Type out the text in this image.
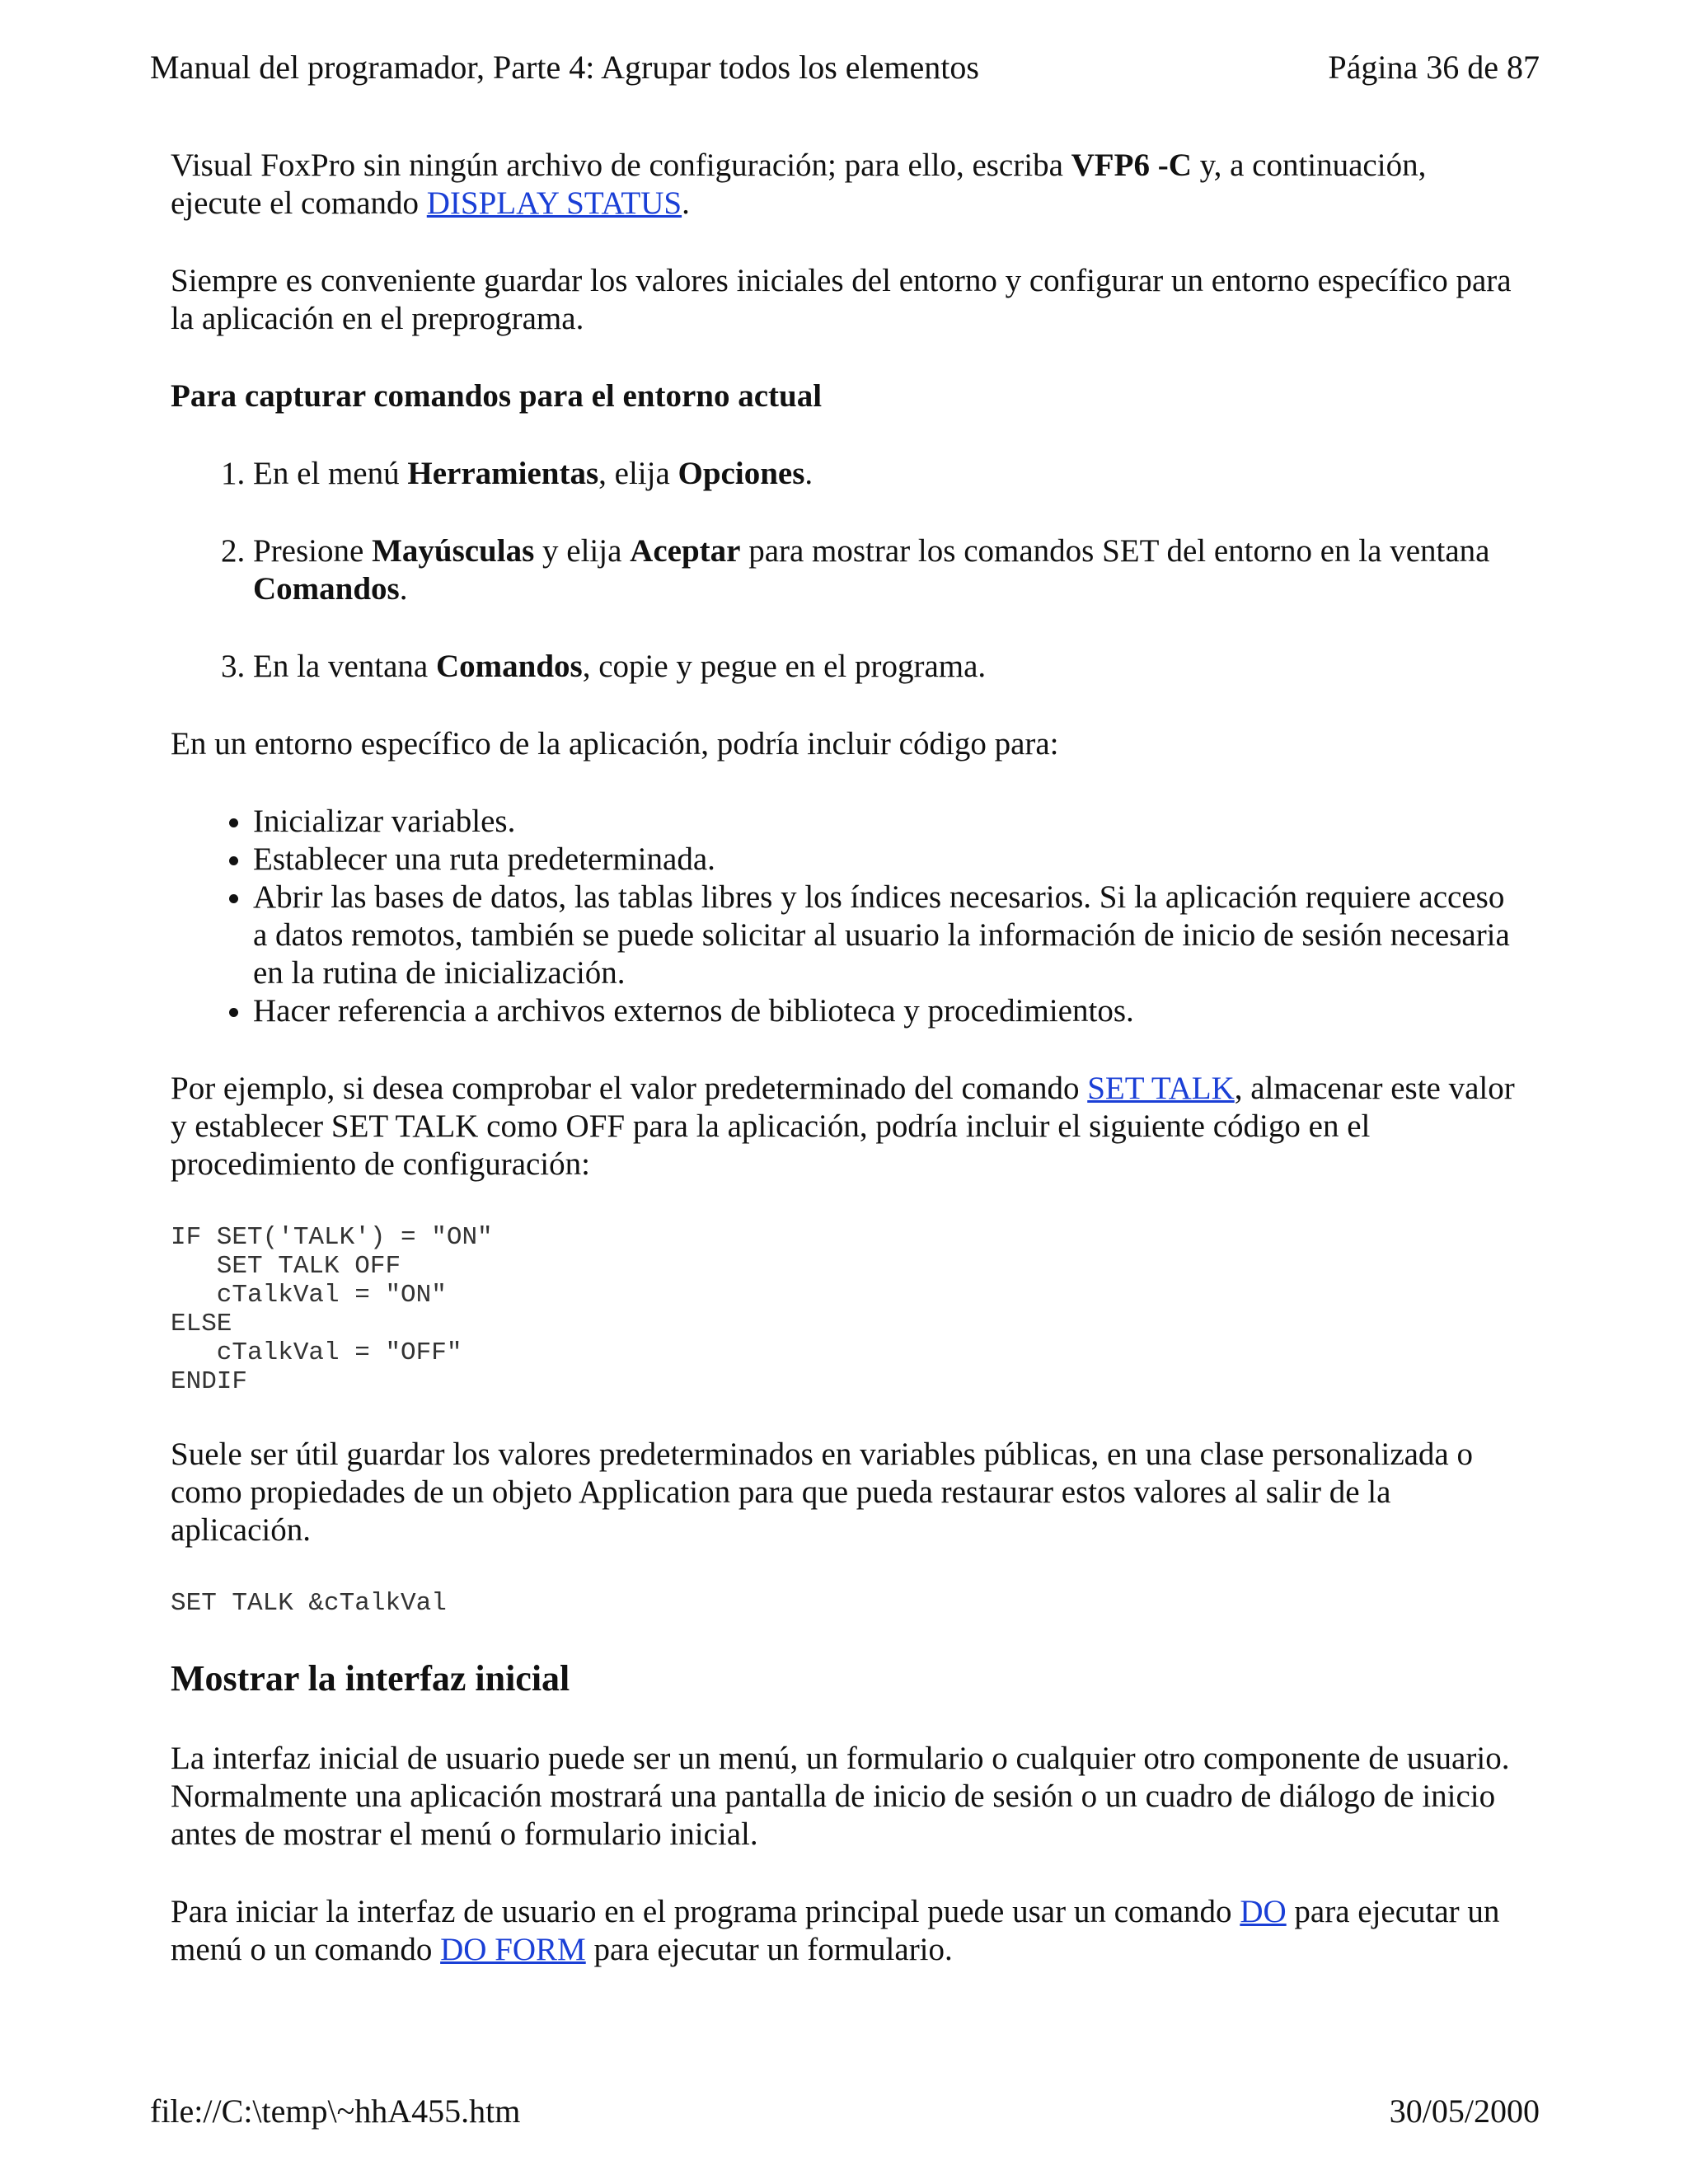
Manual del programador, Parte 4: Agrupar todos los elementos	Página 36 de 87

Visual FoxPro sin ningún archivo de configuración; para ello, escriba VFP6 -C y, a continuación, ejecute el comando DISPLAY STATUS.

Siempre es conveniente guardar los valores iniciales del entorno y configurar un entorno específico para la aplicación en el preprograma.

Para capturar comandos para el entorno actual

1. En el menú Herramientas, elija Opciones.
2. Presione Mayúsculas y elija Aceptar para mostrar los comandos SET del entorno en la ventana Comandos.
3. En la ventana Comandos, copie y pegue en el programa.

En un entorno específico de la aplicación, podría incluir código para:

• Inicializar variables.
• Establecer una ruta predeterminada.
• Abrir las bases de datos, las tablas libres y los índices necesarios. Si la aplicación requiere acceso a datos remotos, también se puede solicitar al usuario la información de inicio de sesión necesaria en la rutina de inicialización.
• Hacer referencia a archivos externos de biblioteca y procedimientos.

Por ejemplo, si desea comprobar el valor predeterminado del comando SET TALK, almacenar este valor y establecer SET TALK como OFF para la aplicación, podría incluir el siguiente código en el procedimiento de configuración:

IF SET('TALK') = "ON"
SET TALK OFF
cTalkVal = "ON"
ELSE
cTalkVal = "OFF"
ENDIF

Suele ser útil guardar los valores predeterminados en variables públicas, en una clase personalizada o como propiedades de un objeto Application para que pueda restaurar estos valores al salir de la aplicación.

SET TALK &cTalkVal
Mostrar la interfaz inicial

La interfaz inicial de usuario puede ser un menú, un formulario o cualquier otro componente de usuario. Normalmente una aplicación mostrará una pantalla de inicio de sesión o un cuadro de diálogo de inicio antes de mostrar el menú o formulario inicial.

Para iniciar la interfaz de usuario en el programa principal puede usar un comando DO para ejecutar un menú o un comando DO FORM para ejecutar un formulario.

file://C:\temp\~hhA455.htm	30/05/2000
